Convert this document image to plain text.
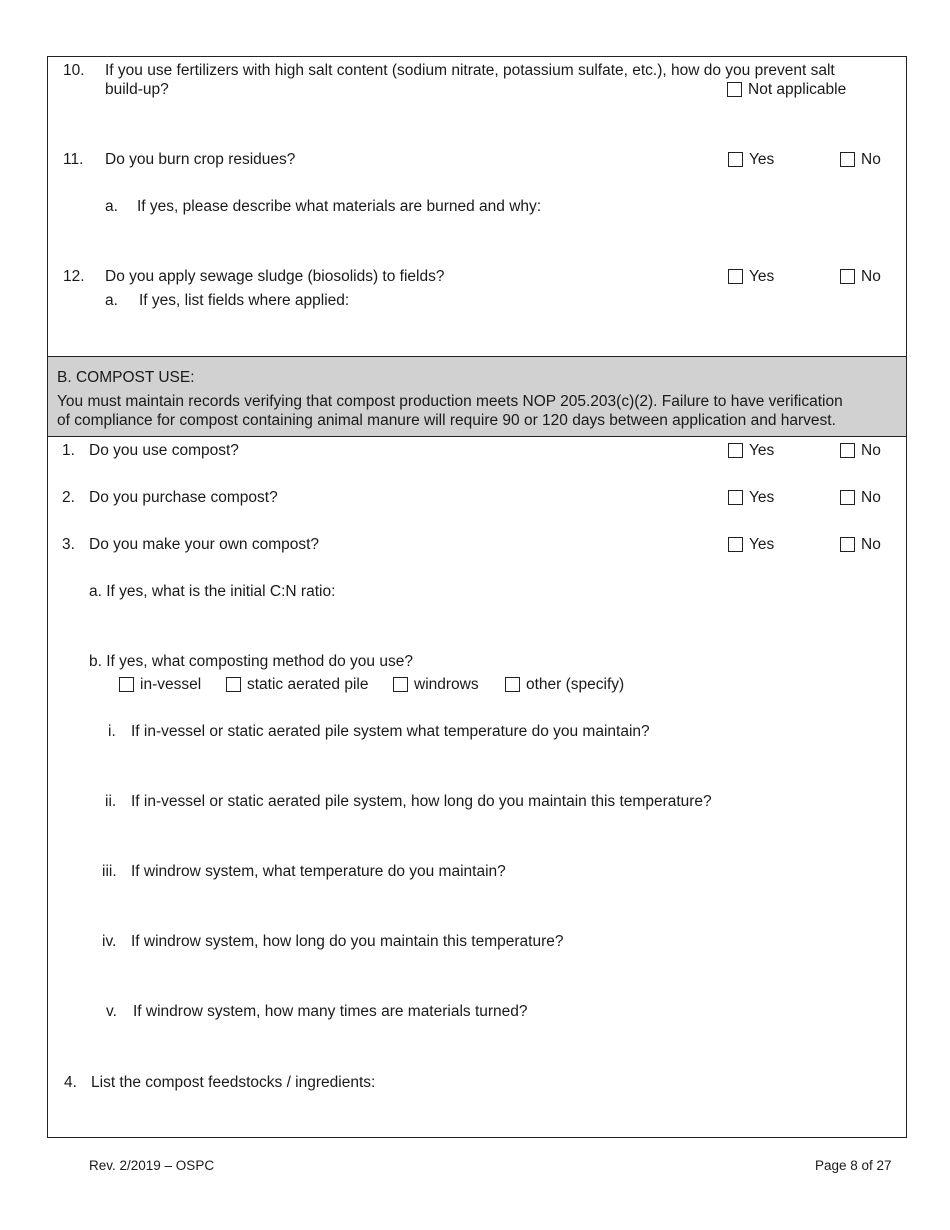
10. If you use fertilizers with high salt content (sodium nitrate, potassium sulfate, etc.), how do you prevent salt
build-up?	Not applicable
11. Do you burn crop residues?	Yes	No
a. If yes, please describe what materials are burned and why:
12. Do you apply sewage sludge (biosolids) to fields?	Yes	No
a. If yes, list fields where applied:
B. COMPOST USE:
You must maintain records verifying that compost production meets NOP 205.203(c)(2). Failure to have verification
of compliance for compost containing animal manure will require 90 or 120 days between application and harvest.
1. Do you use compost?	Yes	No
2. Do you purchase compost?	Yes	No
3. Do you make your own compost?	Yes	No
a. If yes, what is the initial C:N ratio:
b. If yes, what composting method do you use?
in-vessel	static aerated pile	windrows	other (specify)
i. If in-vessel or static aerated pile system what temperature do you maintain?
ii. If in-vessel or static aerated pile system, how long do you maintain this temperature?
iii. If windrow system, what temperature do you maintain?
iv. If windrow system, how long do you maintain this temperature?
v. If windrow system, how many times are materials turned?
4. List the compost feedstocks / ingredients:
Rev. 2/2019 – OSPC	Page 8 of 27
